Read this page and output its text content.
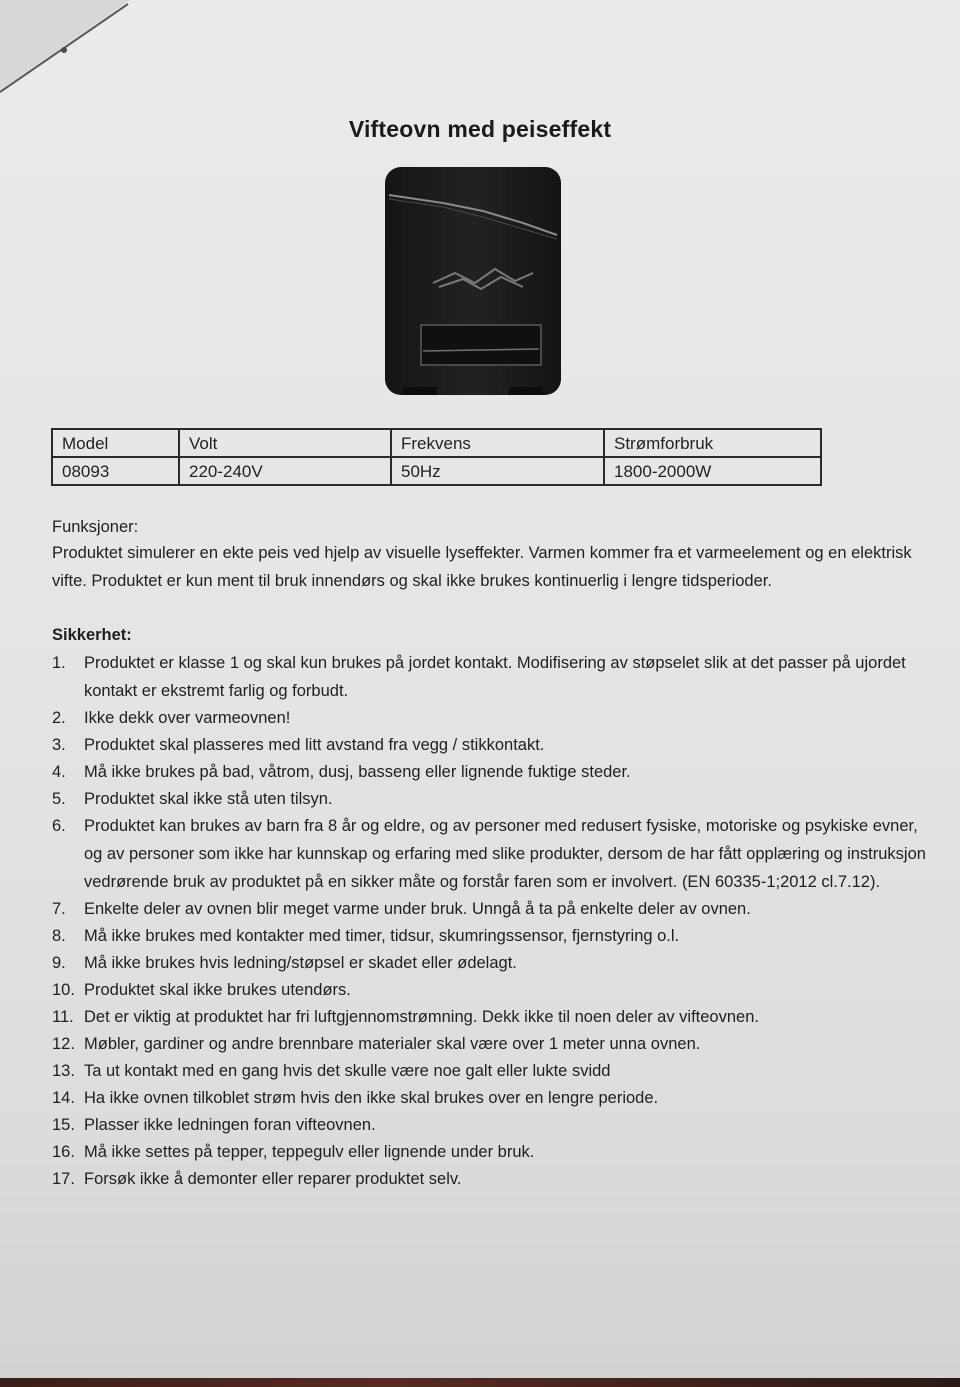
Vifteovn med peiseffekt
Model	Volt	Frekvens	Strømforbruk
08093	220-240V	50Hz	1800-2000W
Funksjoner:
Produktet simulerer en ekte peis ved hjelp av visuelle lyseffekter. Varmen kommer fra et varmeelement og en elektrisk vifte. Produktet er kun ment til bruk innendørs og skal ikke brukes kontinuerlig i lengre tidsperioder.
Sikkerhet:
1.	Produktet er klasse 1 og skal kun brukes på jordet kontakt. Modifisering av støpselet slik at det passer på ujordet kontakt er ekstremt farlig og forbudt.
2.	Ikke dekk over varmeovnen!
3.	Produktet skal plasseres med litt avstand fra vegg / stikkontakt.
4.	Må ikke brukes på bad, våtrom, dusj, basseng eller lignende fuktige steder.
5.	Produktet skal ikke stå uten tilsyn.
6.	Produktet kan brukes av barn fra 8 år og eldre, og av personer med redusert fysiske, motoriske og psykiske evner, og av personer som ikke har kunnskap og erfaring med slike produkter, dersom de har fått opplæring og instruksjon vedrørende bruk av produktet på en sikker måte og forstår faren som er involvert. (EN 60335-1;2012 cl.7.12).
7.	Enkelte deler av ovnen blir meget varme under bruk. Unngå å ta på enkelte deler av ovnen.
8.	Må ikke brukes med kontakter med timer, tidsur, skumringssensor, fjernstyring o.l.
9.	Må ikke brukes hvis ledning/støpsel er skadet eller ødelagt.
10. Produktet skal ikke brukes utendørs.
11. Det er viktig at produktet har fri luftgjennomstrømning. Dekk ikke til noen deler av vifteovnen.
12. Møbler, gardiner og andre brennbare materialer skal være over 1 meter unna ovnen.
13. Ta ut kontakt med en gang hvis det skulle være noe galt eller lukte svidd
14. Ha ikke ovnen tilkoblet strøm hvis den ikke skal brukes over en lengre periode.
15. Plasser ikke ledningen foran vifteovnen.
16. Må ikke settes på tepper, teppegulv eller lignende under bruk.
17. Forsøk ikke å demonter eller reparer produktet selv.
